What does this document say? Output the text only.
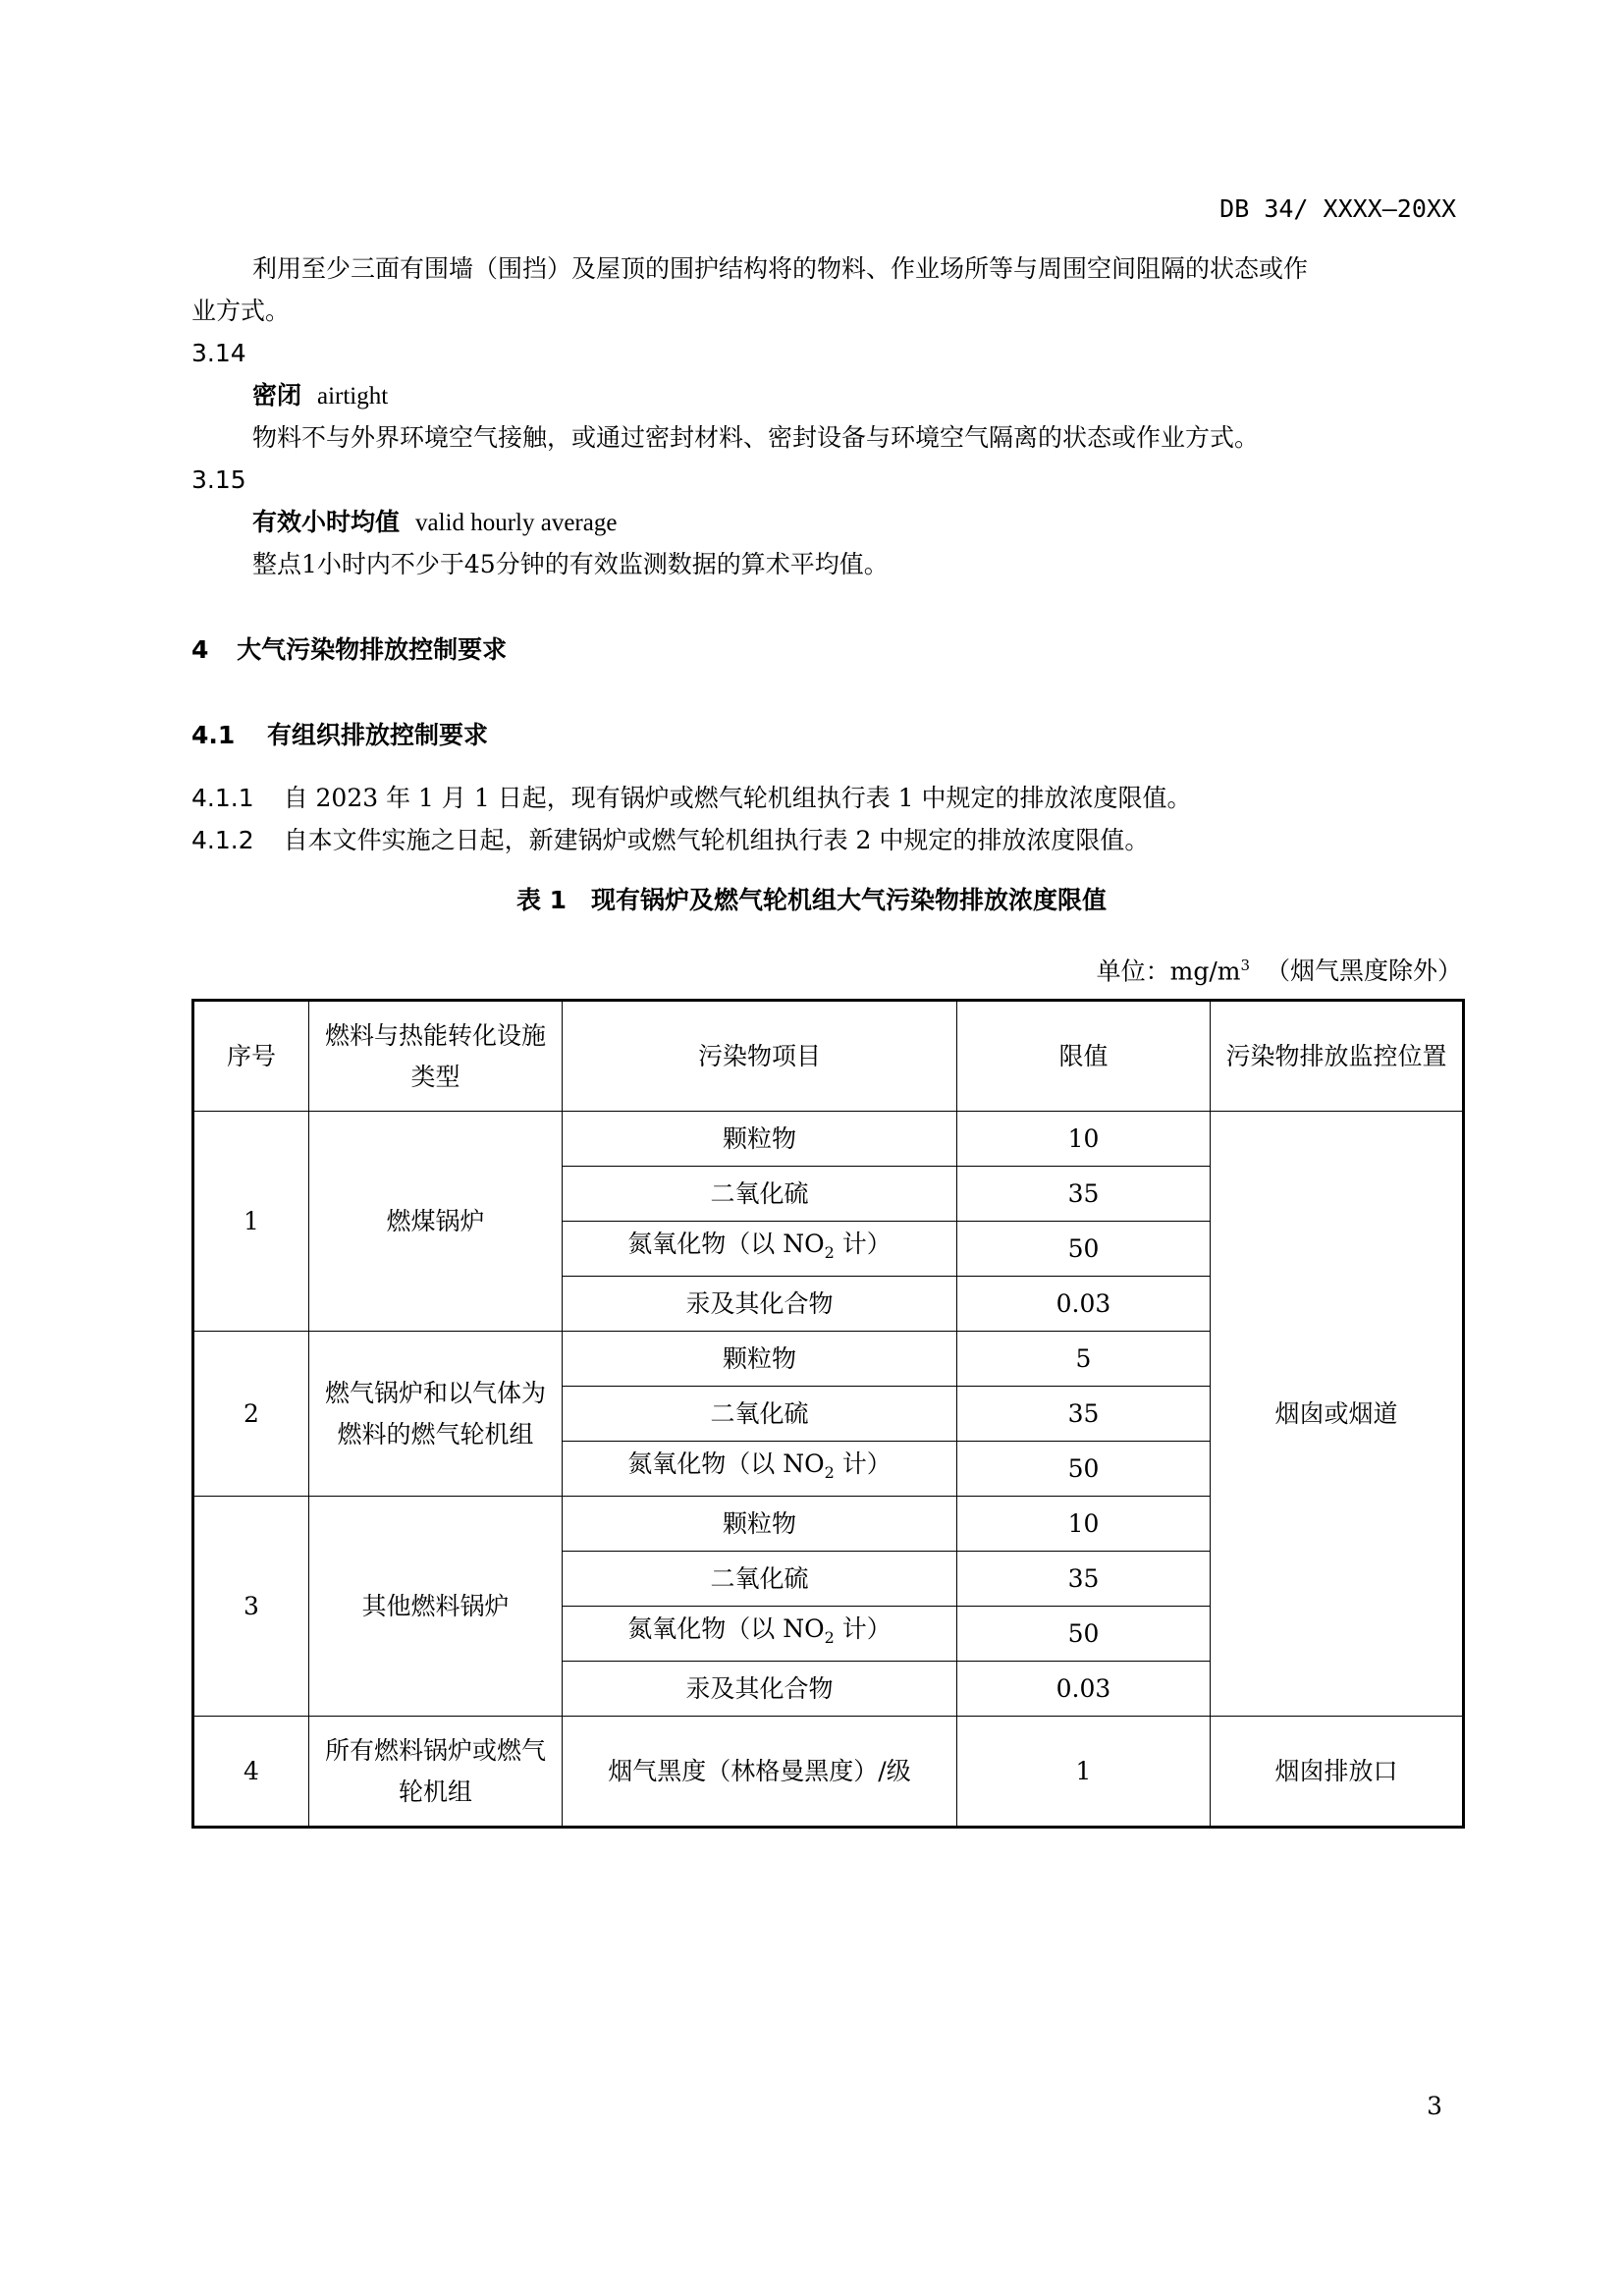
DB 34/ XXXX—20XX
利用至少三面有围墙（围挡）及屋顶的围护结构将的物料、作业场所等与周围空间阻隔的状态或作
业方式。
3.14
密闭 airtight
物料不与外界环境空气接触，或通过密封材料、密封设备与环境空气隔离的状态或作业方式。
3.15
有效小时均值 valid hourly average
整点1小时内不少于45分钟的有效监测数据的算术平均值。
4 大气污染物排放控制要求
4.1 有组织排放控制要求
4.1.1 自 2023 年 1 月 1 日起，现有锅炉或燃气轮机组执行表 1 中规定的排放浓度限值。
4.1.2 自本文件实施之日起，新建锅炉或燃气轮机组执行表 2 中规定的排放浓度限值。
表 1　现有锅炉及燃气轮机组大气污染物排放浓度限值
单位：$mg/m^3$ （烟气黑度除外）
序号	燃料与热能转化设施类型	污染物项目	限值	污染物排放监控位置
1	燃煤锅炉	颗粒物	10	烟囱或烟道
		二氧化硫	35	
		氮氧化物（以 $NO_2$ 计）	50	
		汞及其化合物	0.03	
2	燃气锅炉和以气体为燃料的燃气轮机组	颗粒物	5	
		二氧化硫	35	
		氮氧化物（以 $NO_2$ 计）	50	
3	其他燃料锅炉	颗粒物	10	
		二氧化硫	35	
		氮氧化物（以 $NO_2$ 计）	50	
		汞及其化合物	0.03	
4	所有燃料锅炉或燃气轮机组	烟气黑度（林格曼黑度）/级	1	烟囱排放口
3
